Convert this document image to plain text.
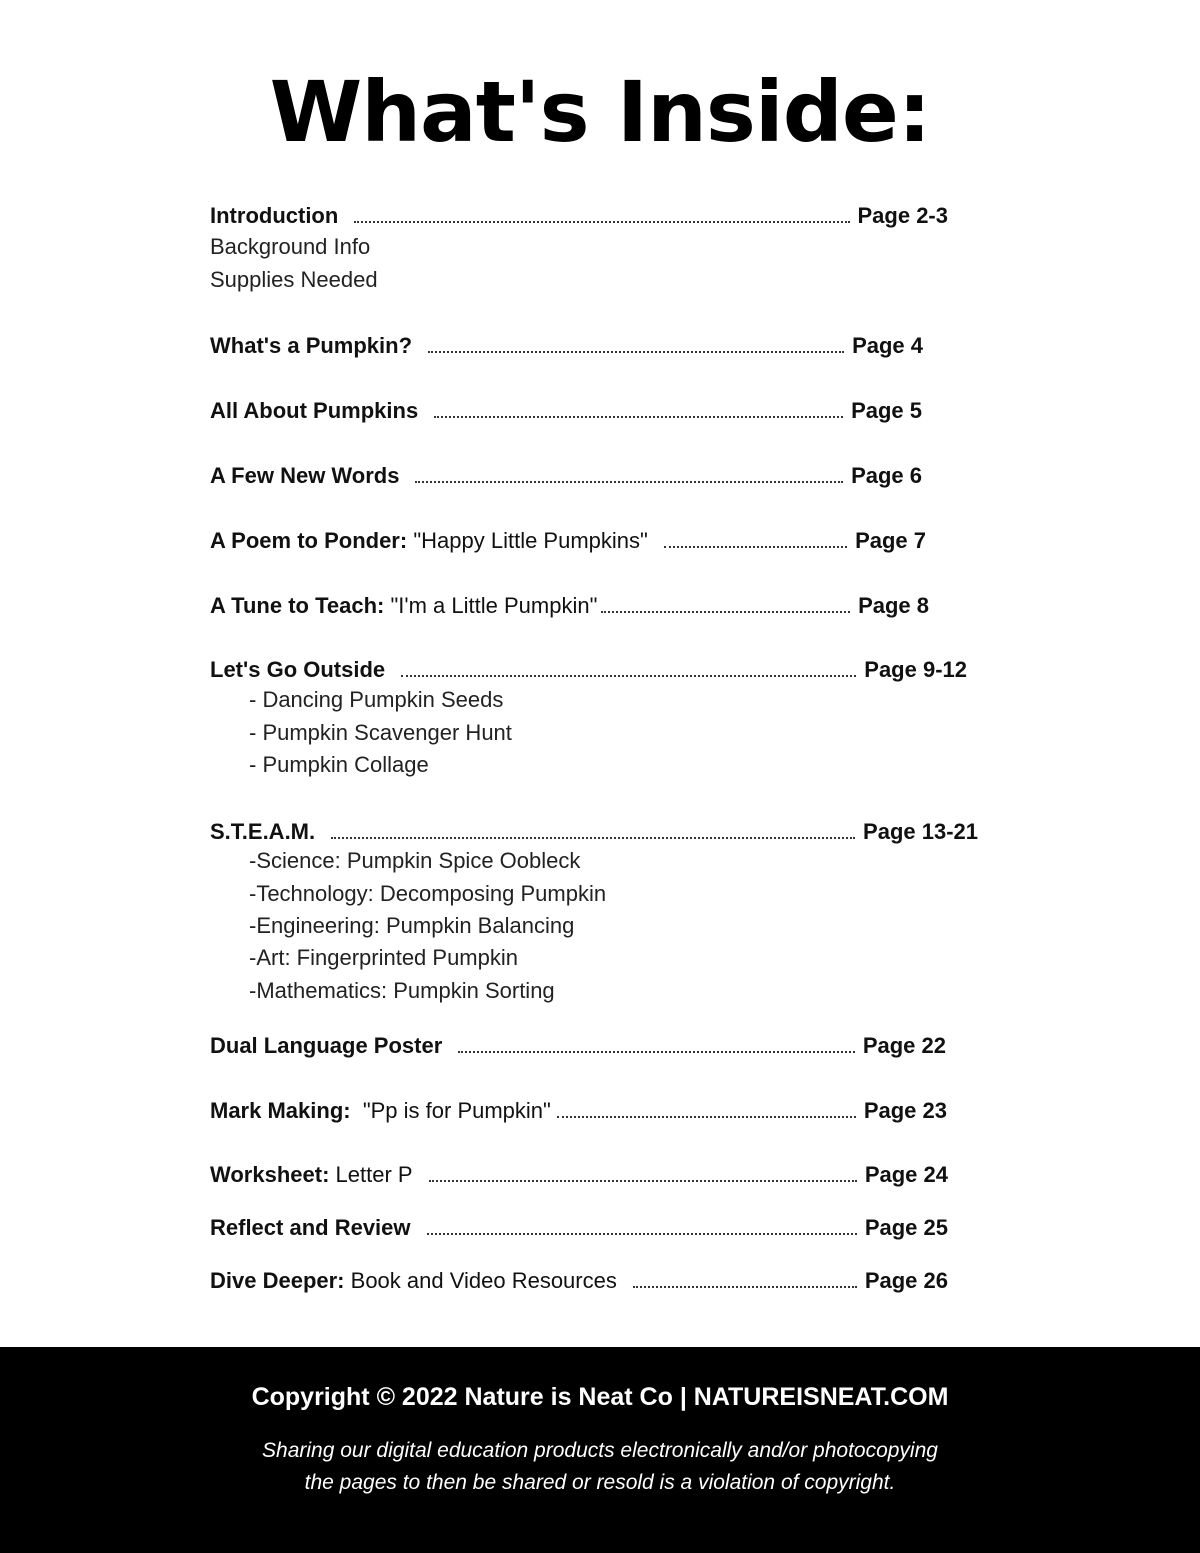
What's Inside:
Introduction	Page 2-3
Background Info
Supplies Needed
What's a Pumpkin?	Page 4
All About Pumpkins	Page 5
A Few New Words	Page 6
A Poem to Ponder: "Happy Little Pumpkins"	Page 7
A Tune to Teach: "I'm a Little Pumpkin"	Page 8
Let's Go Outside	Page 9-12
- Dancing Pumpkin Seeds
- Pumpkin Scavenger Hunt
- Pumpkin Collage
S.T.E.A.M.	Page 13-21
-Science: Pumpkin Spice Oobleck
-Technology: Decomposing Pumpkin
-Engineering: Pumpkin Balancing
-Art: Fingerprinted Pumpkin
-Mathematics: Pumpkin Sorting
Dual Language Poster	Page 22
Mark Making: "Pp is for Pumpkin"	Page 23
Worksheet: Letter P	Page 24
Reflect and Review	Page 25
Dive Deeper: Book and Video Resources	Page 26
Copyright © 2022 Nature is Neat Co | NATUREISNEAT.COM
Sharing our digital education products electronically and/or photocopying
the pages to then be shared or resold is a violation of copyright.
